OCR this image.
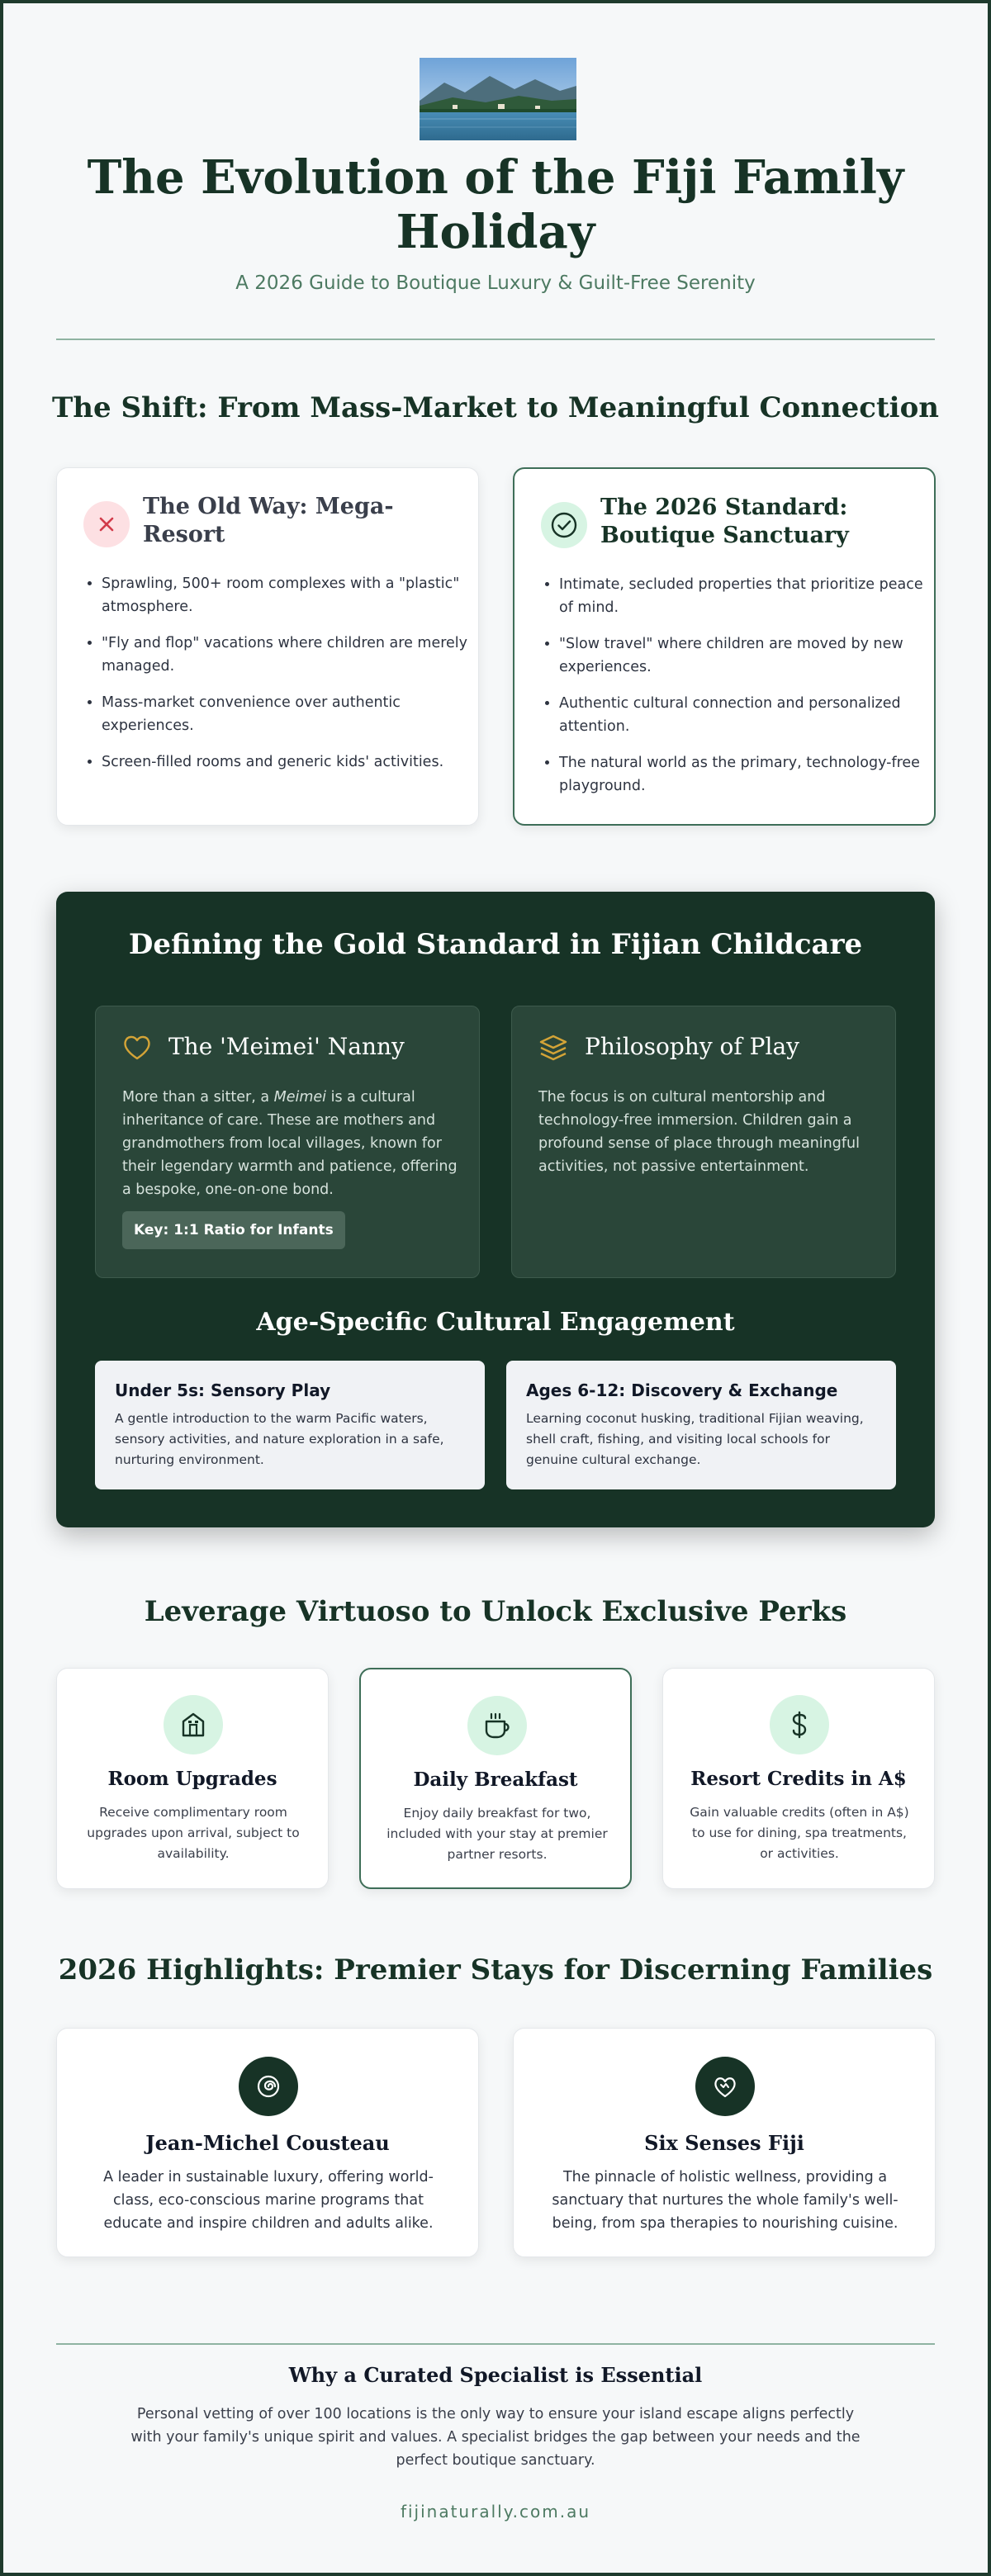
The Evolution of the Fiji Family Holiday
A 2026 Guide to Boutique Luxury & Guilt-Free Serenity
The Shift: From Mass-Market to Meaningful Connection
The Old Way: Mega-Resort
• Sprawling, 500+ room complexes with a "plastic" atmosphere.
• "Fly and flop" vacations where children are merely managed.
• Mass-market convenience over authentic experiences.
• Screen-filled rooms and generic kids' activities.
The 2026 Standard: Boutique Sanctuary
• Intimate, secluded properties that prioritize peace of mind.
• "Slow travel" where children are moved by new experiences.
• Authentic cultural connection and personalized attention.
• The natural world as the primary, technology-free playground.
Defining the Gold Standard in Fijian Childcare
The 'Meimei' Nanny
More than a sitter, a Meimei is a cultural inheritance of care. These are mothers and grandmothers from local villages, known for their legendary warmth and patience, offering a bespoke, one-on-one bond.
Key: 1:1 Ratio for Infants
Philosophy of Play
The focus is on cultural mentorship and technology-free immersion. Children gain a profound sense of place through meaningful activities, not passive entertainment.
Age-Specific Cultural Engagement
Under 5s: Sensory Play
A gentle introduction to the warm Pacific waters, sensory activities, and nature exploration in a safe, nurturing environment.
Ages 6-12: Discovery & Exchange
Learning coconut husking, traditional Fijian weaving, shell craft, fishing, and visiting local schools for genuine cultural exchange.
Leverage Virtuoso to Unlock Exclusive Perks
Room Upgrades
Receive complimentary room upgrades upon arrival, subject to availability.
Daily Breakfast
Enjoy daily breakfast for two, included with your stay at premier partner resorts.
Resort Credits in A$
Gain valuable credits (often in A$) to use for dining, spa treatments, or activities.
2026 Highlights: Premier Stays for Discerning Families
Jean-Michel Cousteau
A leader in sustainable luxury, offering world-class, eco-conscious marine programs that educate and inspire children and adults alike.
Six Senses Fiji
The pinnacle of holistic wellness, providing a sanctuary that nurtures the whole family's well-being, from spa therapies to nourishing cuisine.
Why a Curated Specialist is Essential
Personal vetting of over 100 locations is the only way to ensure your island escape aligns perfectly with your family's unique spirit and values. A specialist bridges the gap between your needs and the perfect boutique sanctuary.
fijinaturally.com.au
